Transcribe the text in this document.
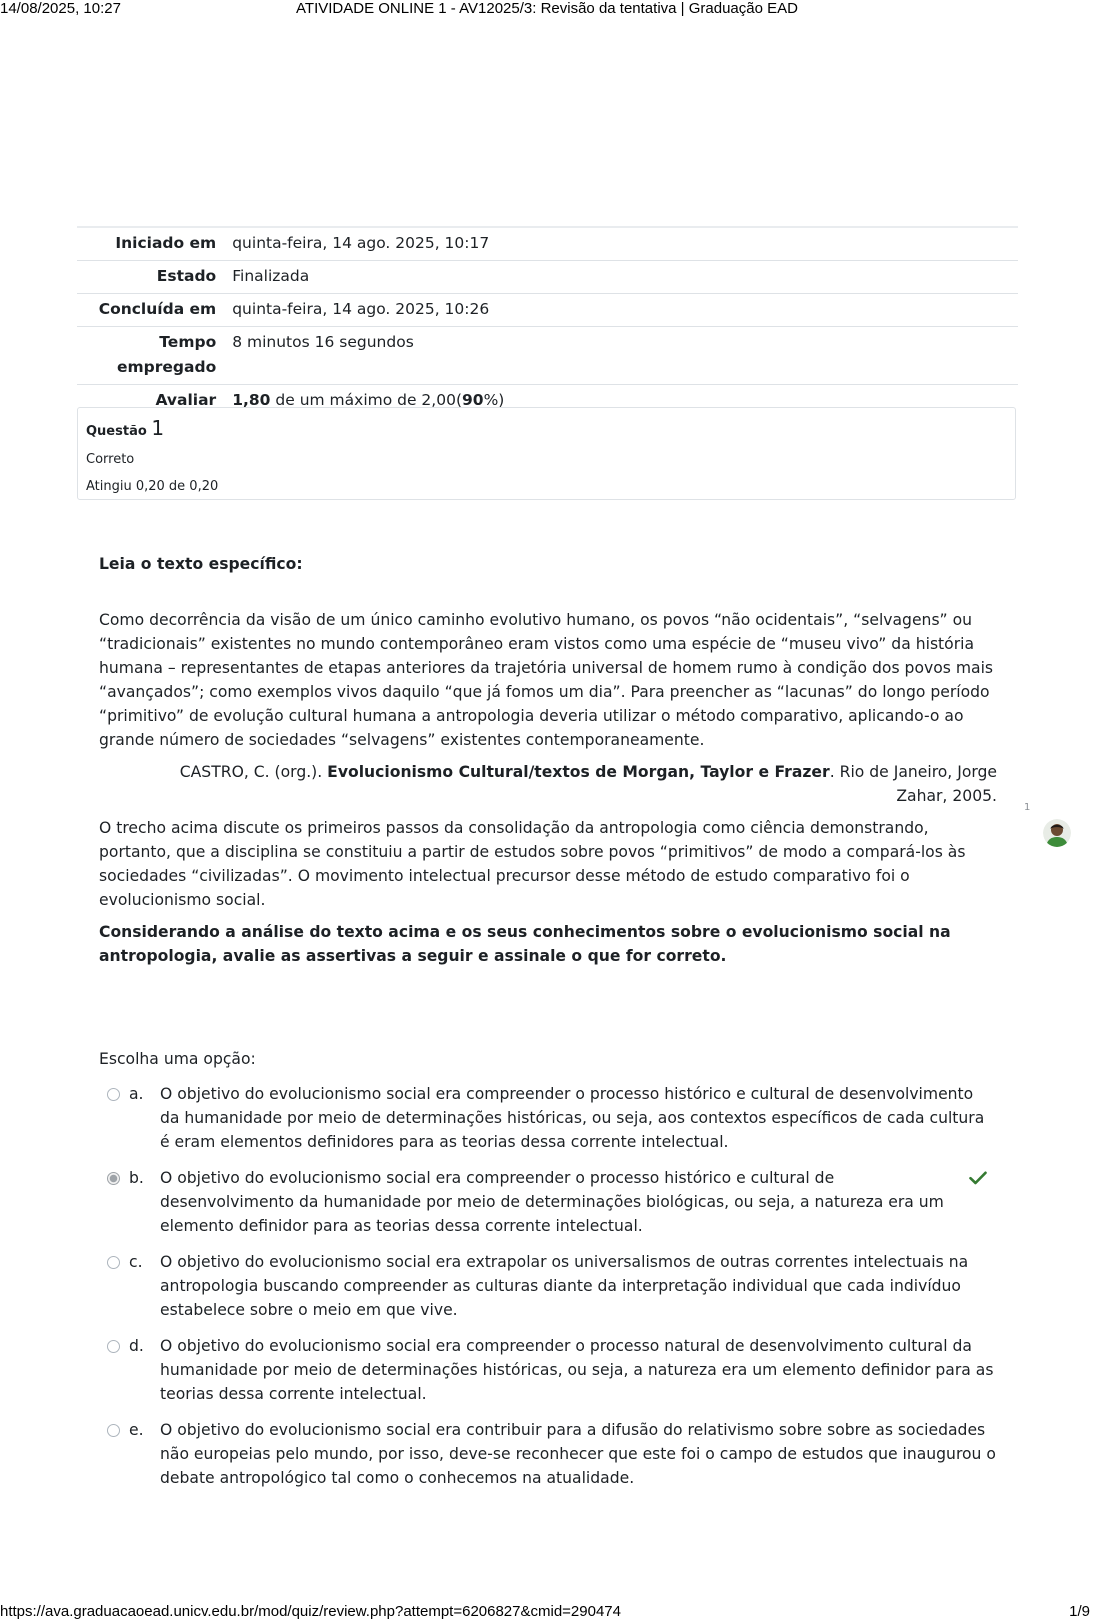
14/08/2025, 10:27	ATIVIDADE ONLINE 1 - AV12025/3: Revisão da tentativa | Graduação EAD
Iniciado em	quinta-feira, 14 ago. 2025, 10:17
Estado	Finalizada
Concluída em	quinta-feira, 14 ago. 2025, 10:26
Tempo empregado	8 minutos 16 segundos
Avaliar	1,80 de um máximo de 2,00(90%)
Questão 1
Correto
Atingiu 0,20 de 0,20

Leia o texto específico:

Como decorrência da visão de um único caminho evolutivo humano, os povos “não ocidentais”, “selvagens” ou “tradicionais” existentes no mundo contemporâneo eram vistos como uma espécie de “museu vivo” da história humana – representantes de etapas anteriores da trajetória universal de homem rumo à condição dos povos mais “avançados”; como exemplos vivos daquilo “que já fomos um dia”. Para preencher as “lacunas” do longo período “primitivo” de evolução cultural humana a antropologia deveria utilizar o método comparativo, aplicando-o ao grande número de sociedades “selvagens” existentes contemporaneamente.

CASTRO, C. (org.). Evolucionismo Cultural/textos de Morgan, Taylor e Frazer. Rio de Janeiro, Jorge Zahar, 2005.

O trecho acima discute os primeiros passos da consolidação da antropologia como ciência demonstrando, portanto, que a disciplina se constituiu a partir de estudos sobre povos “primitivos” de modo a compará-los às sociedades “civilizadas”. O movimento intelectual precursor desse método de estudo comparativo foi o evolucionismo social.

Considerando a análise do texto acima e os seus conhecimentos sobre o evolucionismo social na antropologia, avalie as assertivas a seguir e assinale o que for correto.

Escolha uma opção:
a.	O objetivo do evolucionismo social era compreender o processo histórico e cultural de desenvolvimento da humanidade por meio de determinações históricas, ou seja, aos contextos específicos de cada cultura é eram elementos definidores para as teorias dessa corrente intelectual.
b.	O objetivo do evolucionismo social era compreender o processo histórico e cultural de desenvolvimento da humanidade por meio de determinações biológicas, ou seja, a natureza era um elemento definidor para as teorias dessa corrente intelectual.
c.	O objetivo do evolucionismo social era extrapolar os universalismos de outras correntes intelectuais na antropologia buscando compreender as culturas diante da interpretação individual que cada indivíduo estabelece sobre o meio em que vive.
d.	O objetivo do evolucionismo social era compreender o processo natural de desenvolvimento cultural da humanidade por meio de determinações históricas, ou seja, a natureza era um elemento definidor para as teorias dessa corrente intelectual.
e.	O objetivo do evolucionismo social era contribuir para a difusão do relativismo sobre sobre as sociedades não europeias pelo mundo, por isso, deve-se reconhecer que este foi o campo de estudos que inaugurou o debate antropológico tal como o conhecemos na atualidade.
1
https://ava.graduacaoead.unicv.edu.br/mod/quiz/review.php?attempt=6206827&cmid=290474	1/9
